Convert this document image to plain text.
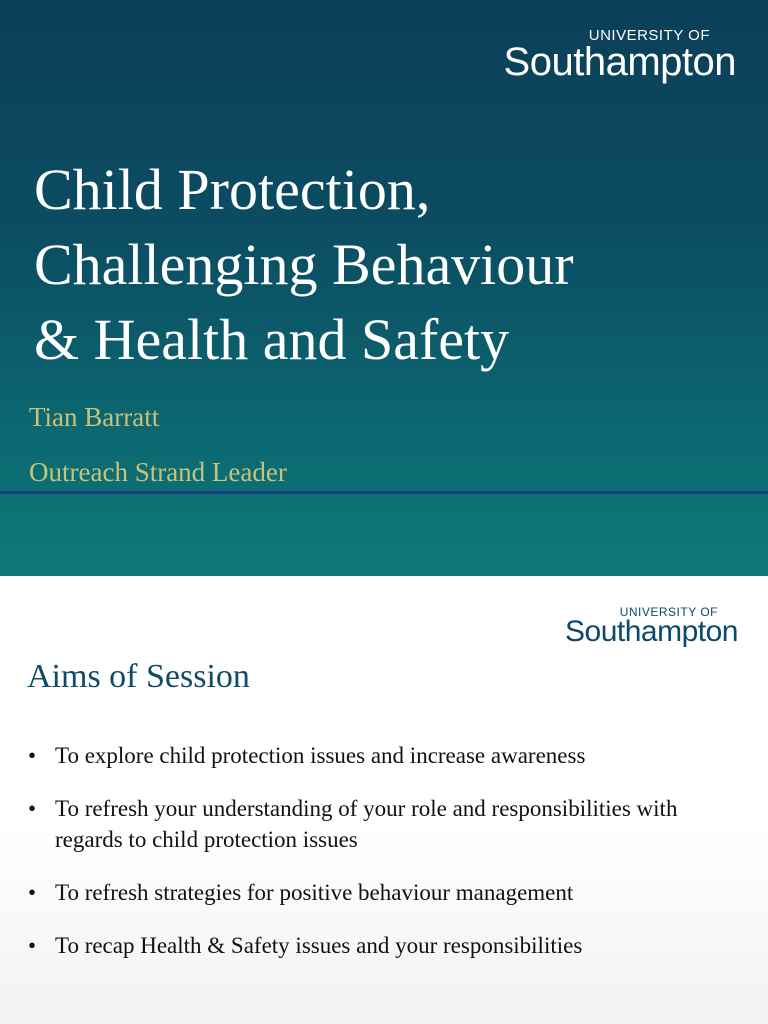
UNIVERSITY OF
Southampton
Child Protection,
Challenging Behaviour
& Health and Safety
Tian Barratt
Outreach Strand Leader
UNIVERSITY OF
Southampton
Aims of Session
• To explore child protection issues and increase awareness
• To refresh your understanding of your role and responsibilities with regards to child protection issues
• To refresh strategies for positive behaviour management
• To recap Health & Safety issues and your responsibilities
